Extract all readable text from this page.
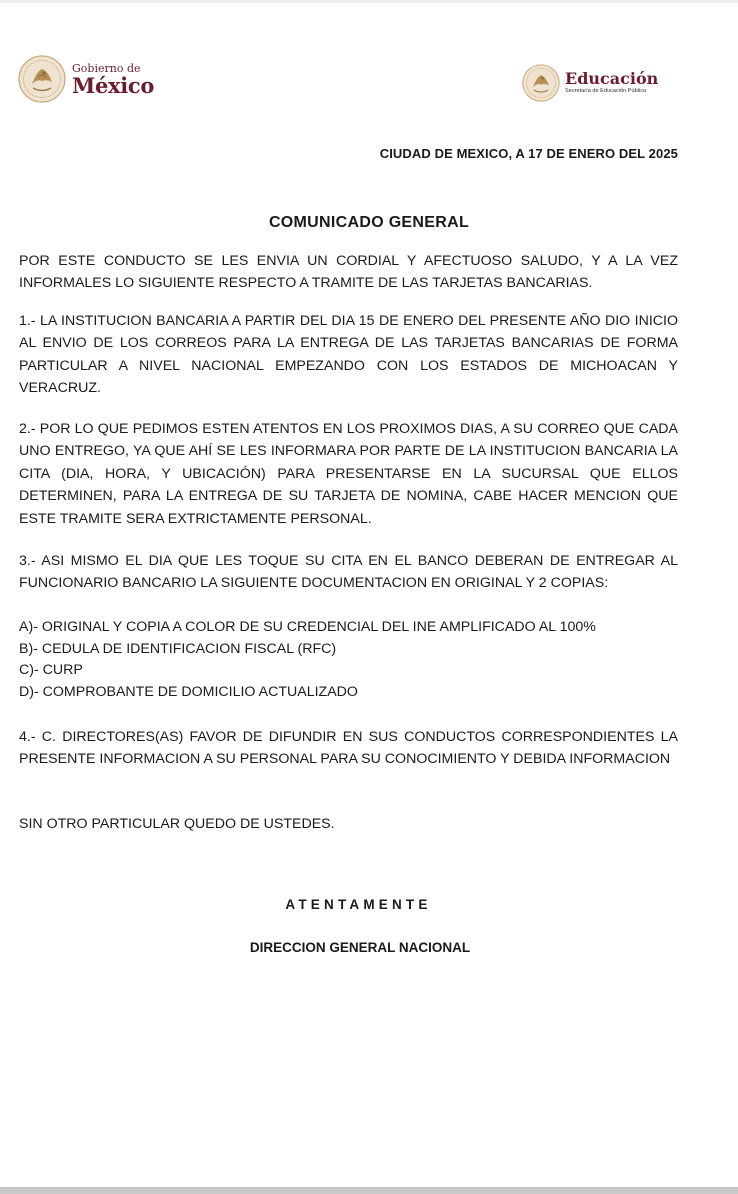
Gobierno de
México	Educación
Secretaría de Educación Pública
CIUDAD DE MEXICO, A 17 DE ENERO DEL 2025
COMUNICADO GENERAL

POR ESTE CONDUCTO SE LES ENVIA UN CORDIAL Y AFECTUOSO SALUDO, Y A LA VEZ INFORMALES LO SIGUIENTE RESPECTO A TRAMITE DE LAS TARJETAS BANCARIAS.

1.- LA INSTITUCION BANCARIA A PARTIR DEL DIA 15 DE ENERO DEL PRESENTE AÑO DIO INICIO AL ENVIO DE LOS CORREOS PARA LA ENTREGA DE LAS TARJETAS BANCARIAS DE FORMA PARTICULAR A NIVEL NACIONAL EMPEZANDO CON LOS ESTADOS DE MICHOACAN Y VERACRUZ.

2.- POR LO QUE PEDIMOS ESTEN ATENTOS EN LOS PROXIMOS DIAS, A SU CORREO QUE CADA UNO ENTREGO, YA QUE AHÍ SE LES INFORMARA POR PARTE DE LA INSTITUCION BANCARIA LA CITA (DIA, HORA, Y UBICACIÓN) PARA PRESENTARSE EN LA SUCURSAL QUE ELLOS DETERMINEN, PARA LA ENTREGA DE SU TARJETA DE NOMINA, CABE HACER MENCION QUE ESTE TRAMITE SERA EXTRICTAMENTE PERSONAL.

3.- ASI MISMO EL DIA QUE LES TOQUE SU CITA EN EL BANCO DEBERAN DE ENTREGAR AL FUNCIONARIO BANCARIO LA SIGUIENTE DOCUMENTACION EN ORIGINAL Y 2 COPIAS:

A)- ORIGINAL Y COPIA A COLOR DE SU CREDENCIAL DEL INE AMPLIFICADO AL 100%
B)- CEDULA DE IDENTIFICACION FISCAL (RFC)
C)- CURP
D)- COMPROBANTE DE DOMICILIO ACTUALIZADO

4.- C. DIRECTORES(AS) FAVOR DE DIFUNDIR EN SUS CONDUCTOS CORRESPONDIENTES LA PRESENTE INFORMACION A SU PERSONAL PARA SU CONOCIMIENTO Y DEBIDA INFORMACION

SIN OTRO PARTICULAR QUEDO DE USTEDES.

ATENTAMENTE
DIRECCION GENERAL NACIONAL
